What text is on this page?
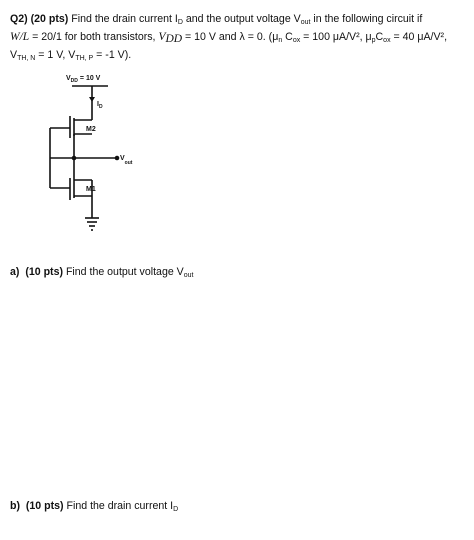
Q2) (20 pts) Find the drain current $I_D$ and the output voltage $V_{out}$ in the following circuit if
W/L = 20/1 for both transistors, $V_{DD} = 10$ V and λ = 0. ($\mu_n$ $C_{ox} = 100$ μA/V², $\mu_pC_{ox} = 40$ μA/V²,
$V_{TH, N} = 1$ V, $V_{TH, P} = -1$ V).
$V_{DD} = 10$ V
$I_D$
M2
$V_{out}$
M1
a) (10 pts) Find the output voltage $V_{out}$
b) (10 pts) Find the drain current $I_D$
